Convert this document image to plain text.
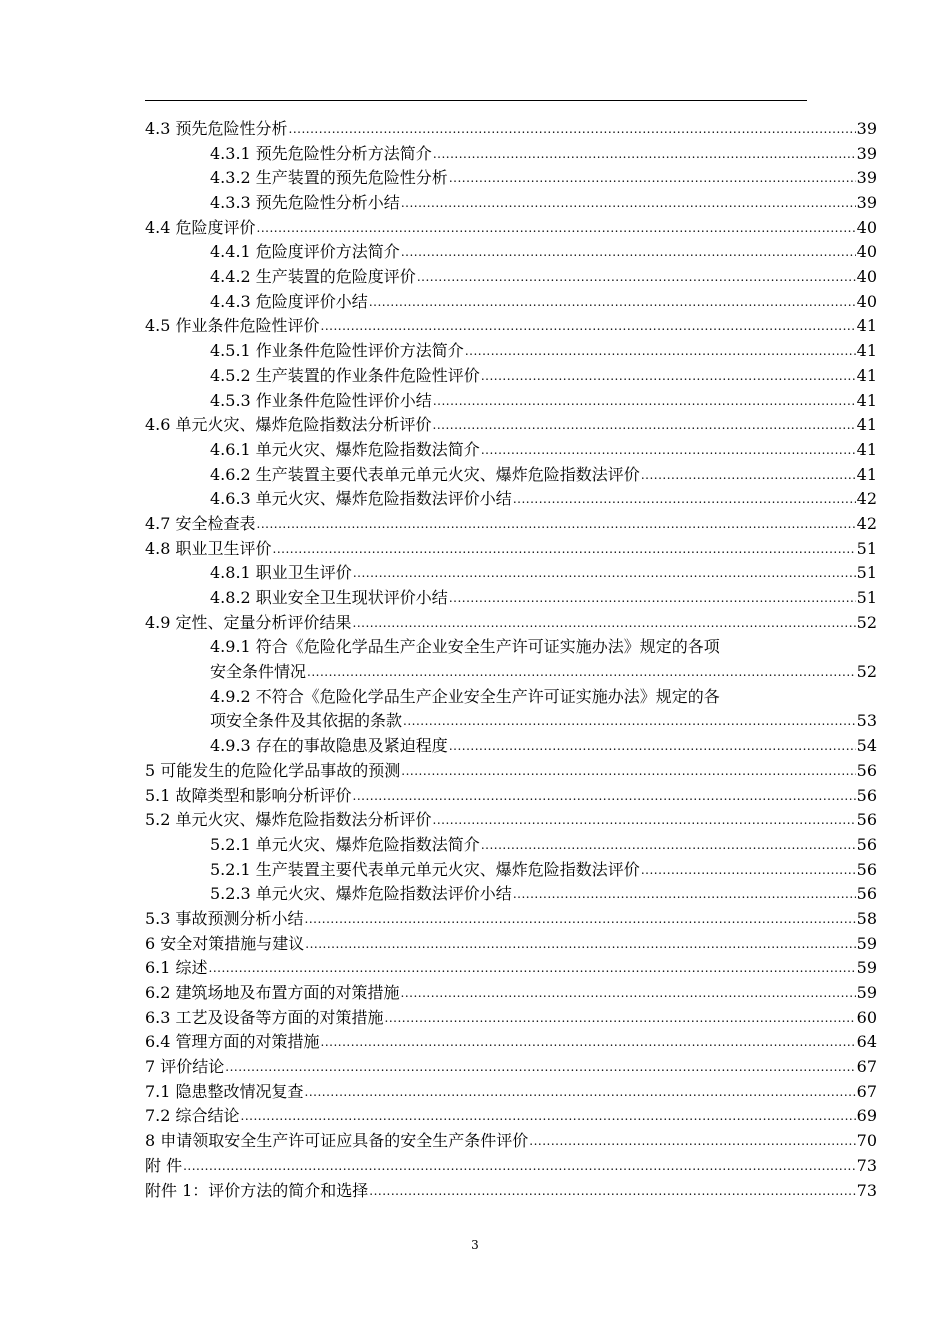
4.3 预先危险性分析 .....	39
4.3.1 预先危险性分析方法简介 .....	39
4.3.2 生产装置的预先危险性分析 .....	39
4.3.3 预先危险性分析小结 .....	39
4.4 危险度评价 .....	40
4.4.1 危险度评价方法简介 .....	40
4.4.2 生产装置的危险度评价 .....	40
4.4.3 危险度评价小结 .....	40
4.5 作业条件危险性评价 .....	41
4.5.1 作业条件危险性评价方法简介 .....	41
4.5.2 生产装置的作业条件危险性评价 .....	41
4.5.3 作业条件危险性评价小结 .....	41
4.6 单元火灾、爆炸危险指数法分析评价 .....	41
4.6.1 单元火灾、爆炸危险指数法简介 .....	41
4.6.2 生产装置主要代表单元单元火灾、爆炸危险指数法评价 .....	41
4.6.3 单元火灾、爆炸危险指数法评价小结 .....	42
4.7 安全检查表 .....	42
4.8 职业卫生评价 .....	51
4.8.1 职业卫生评价 .....	51
4.8.2 职业安全卫生现状评价小结 .....	51
4.9 定性、定量分析评价结果 .....	52
4.9.1 符合《危险化学品生产企业安全生产许可证实施办法》规定的各项
安全条件情况 .....	52
4.9.2 不符合《危险化学品生产企业安全生产许可证实施办法》规定的各
项安全条件及其依据的条款 .....	53
4.9.3 存在的事故隐患及紧迫程度 .....	54
5 可能发生的危险化学品事故的预测 .....	56
5.1 故障类型和影响分析评价 .....	56
5.2 单元火灾、爆炸危险指数法分析评价 .....	56
5.2.1 单元火灾、爆炸危险指数法简介 .....	56
5.2.1 生产装置主要代表单元单元火灾、爆炸危险指数法评价 .....	56
5.2.3 单元火灾、爆炸危险指数法评价小结 .....	56
5.3 事故预测分析小结 .....	58
6 安全对策措施与建议 .....	59
6.1 综述 .....	59
6.2 建筑场地及布置方面的对策措施 .....	59
6.3 工艺及设备等方面的对策措施 .....	60
6.4 管理方面的对策措施 .....	64
7 评价结论 .....	67
7.1 隐患整改情况复查 .....	67
7.2 综合结论 .....	69
8 申请领取安全生产许可证应具备的安全生产条件评价 .....	70
附 件 .....	73
附件 1：评价方法的简介和选择 .....	73
3
